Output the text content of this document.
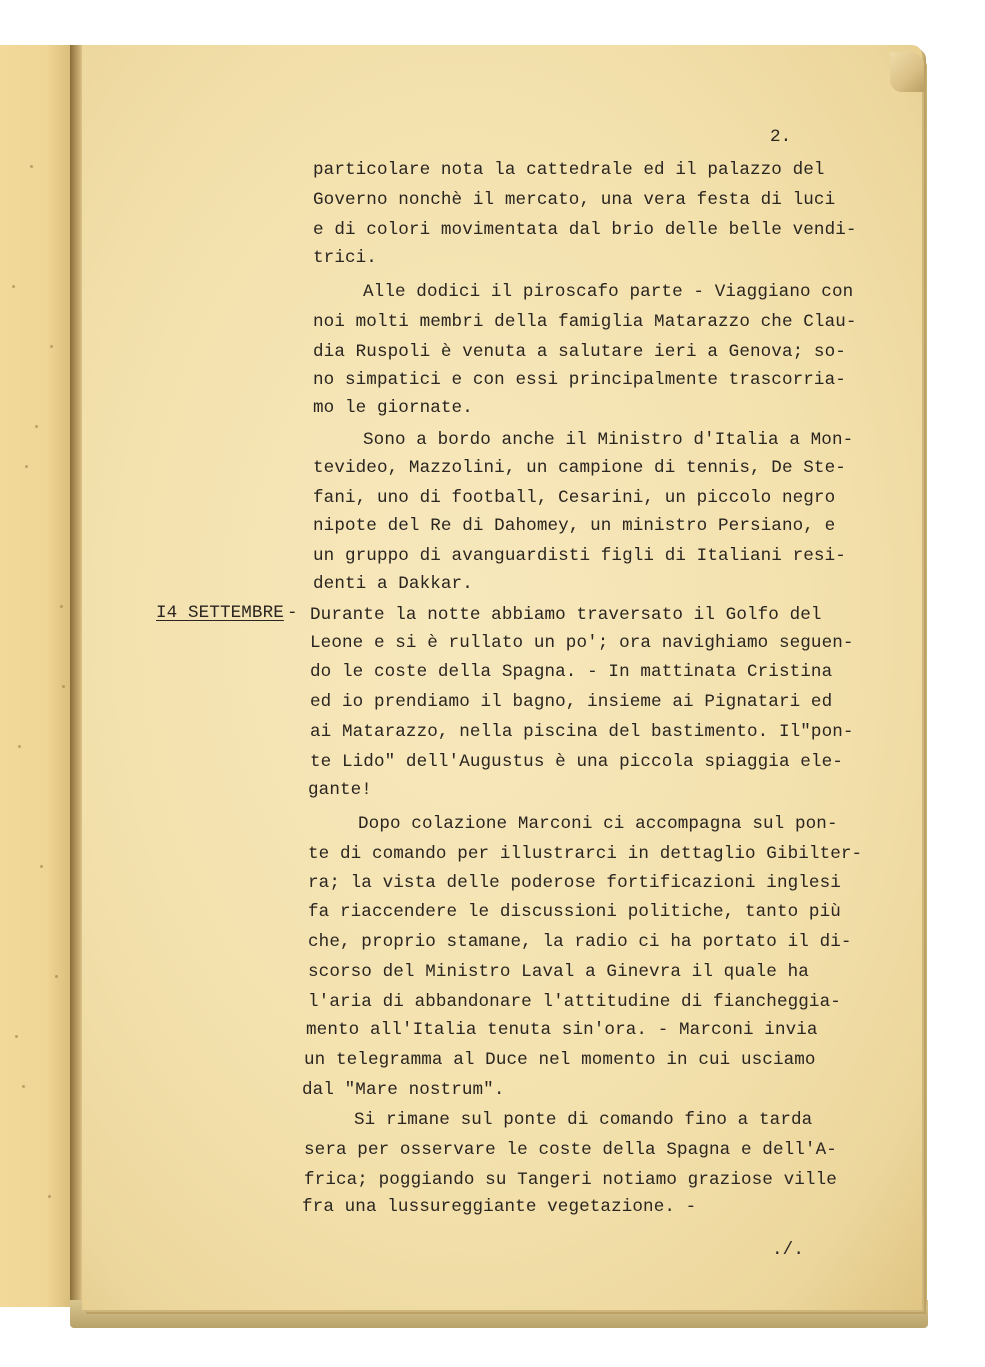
2.
particolare nota la cattedrale ed il palazzo del
Governo nonchè il mercato, una vera festa di luci
e di colori movimentata dal brio delle belle vendi-
trici.
Alle dodici il piroscafo parte - Viaggiano con
noi molti membri della famiglia Matarazzo che Clau-
dia Ruspoli è venuta a salutare ieri a Genova; so-
no simpatici e con essi principalmente trascorria-
mo le giornate.
Sono a bordo anche il Ministro d'Italia a Mon-
tevideo, Mazzolini, un campione di tennis, De Ste-
fani, uno di football, Cesarini, un piccolo negro
nipote del Re di Dahomey, un ministro Persiano, e
un gruppo di avanguardisti figli di Italiani resi-
denti a Dakkar.
Durante la notte abbiamo traversato il Golfo del
Leone e si è rullato un po'; ora navighiamo seguen-
do le coste della Spagna. - In mattinata Cristina
ed io prendiamo il bagno, insieme ai Pignatari ed
ai Matarazzo, nella piscina del bastimento. Il"pon-
te Lido" dell'Augustus è una piccola spiaggia ele-
gante!
Dopo colazione Marconi ci accompagna sul pon-
te di comando per illustrarci in dettaglio Gibilter-
ra; la vista delle poderose fortificazioni inglesi
fa riaccendere le discussioni politiche, tanto più
che, proprio stamane, la radio ci ha portato il di-
scorso del Ministro Laval a Ginevra il quale ha
l'aria di abbandonare l'attitudine di fiancheggia-
mento all'Italia tenuta sin'ora. - Marconi invia
un telegramma al Duce nel momento in cui usciamo
dal "Mare nostrum".
Si rimane sul ponte di comando fino a tarda
sera per osservare le coste della Spagna e dell'A-
frica; poggiando su Tangeri notiamo graziose ville
fra una lussureggiante vegetazione. -
I4 SETTEMBRE -
./.
